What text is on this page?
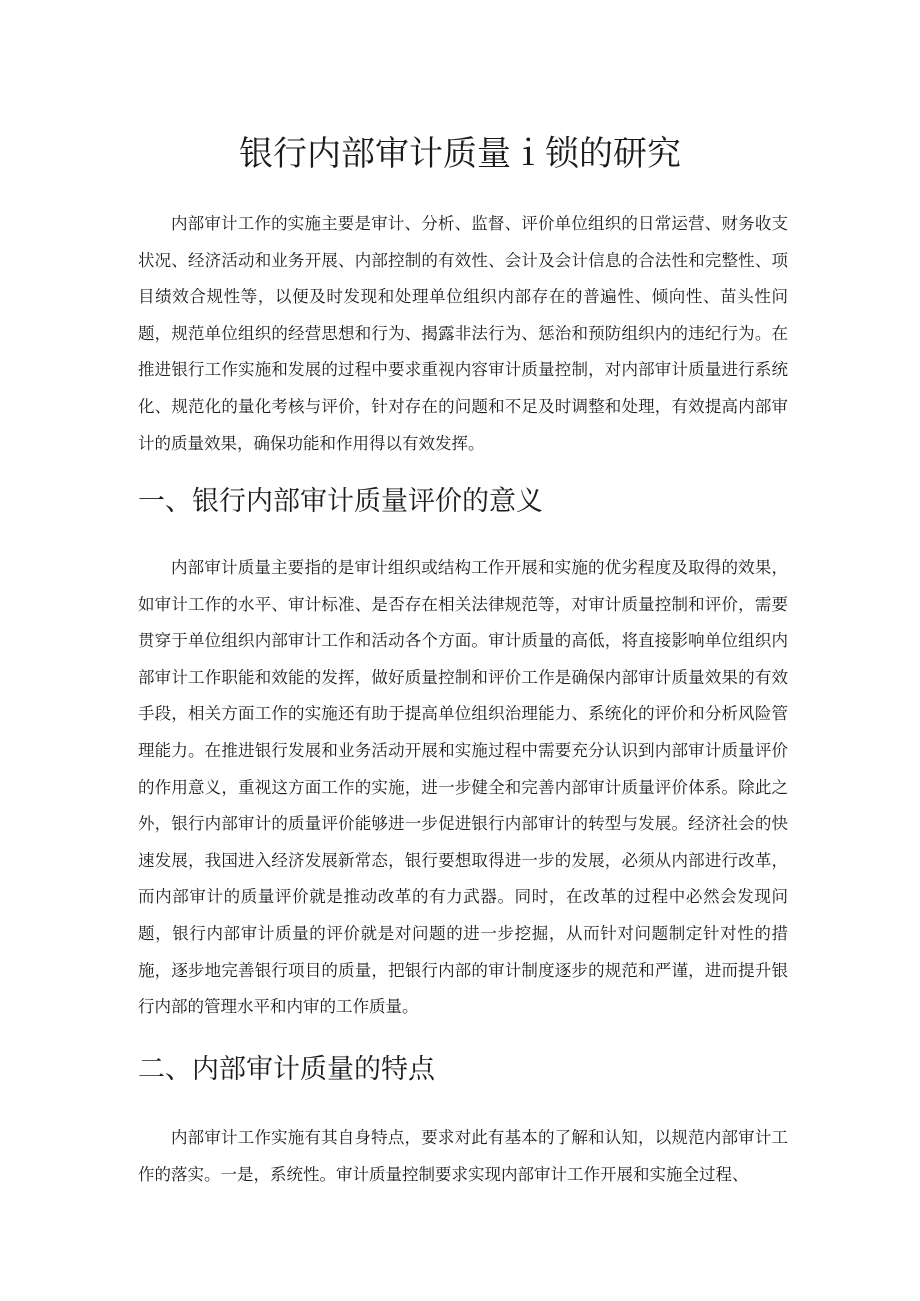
银行内部审计质量ｉ锁的研究

内部审计工作的实施主要是审计、分析、监督、评价单位组织的日常运营、财务收支状况、经济活动和业务开展、内部控制的有效性、会计及会计信息的合法性和完整性、项目绩效合规性等，以便及时发现和处理单位组织内部存在的普遍性、倾向性、苗头性问题，规范单位组织的经营思想和行为、揭露非法行为、惩治和预防组织内的违纪行为。在推进银行工作实施和发展的过程中要求重视内容审计质量控制，对内部审计质量进行系统化、规范化的量化考核与评价，针对存在的问题和不足及时调整和处理，有效提高内部审计的质量效果，确保功能和作用得以有效发挥。

一、银行内部审计质量评价的意义

内部审计质量主要指的是审计组织或结构工作开展和实施的优劣程度及取得的效果，如审计工作的水平、审计标准、是否存在相关法律规范等，对审计质量控制和评价，需要贯穿于单位组织内部审计工作和活动各个方面。审计质量的高低，将直接影响单位组织内部审计工作职能和效能的发挥，做好质量控制和评价工作是确保内部审计质量效果的有效手段，相关方面工作的实施还有助于提高单位组织治理能力、系统化的评价和分析风险管理能力。在推进银行发展和业务活动开展和实施过程中需要充分认识到内部审计质量评价的作用意义，重视这方面工作的实施，进一步健全和完善内部审计质量评价体系。除此之外，银行内部审计的质量评价能够进一步促进银行内部审计的转型与发展。经济社会的快速发展，我国进入经济发展新常态，银行要想取得进一步的发展，必须从内部进行改革，而内部审计的质量评价就是推动改革的有力武器。同时，在改革的过程中必然会发现问题，银行内部审计质量的评价就是对问题的进一步挖掘，从而针对问题制定针对性的措施，逐步地完善银行项目的质量，把银行内部的审计制度逐步的规范和严谨，进而提升银行内部的管理水平和内审的工作质量。

二、内部审计质量的特点

内部审计工作实施有其自身特点，要求对此有基本的了解和认知，以规范内部审计工作的落实。一是，系统性。审计质量控制要求实现内部审计工作开展和实施全过程、
